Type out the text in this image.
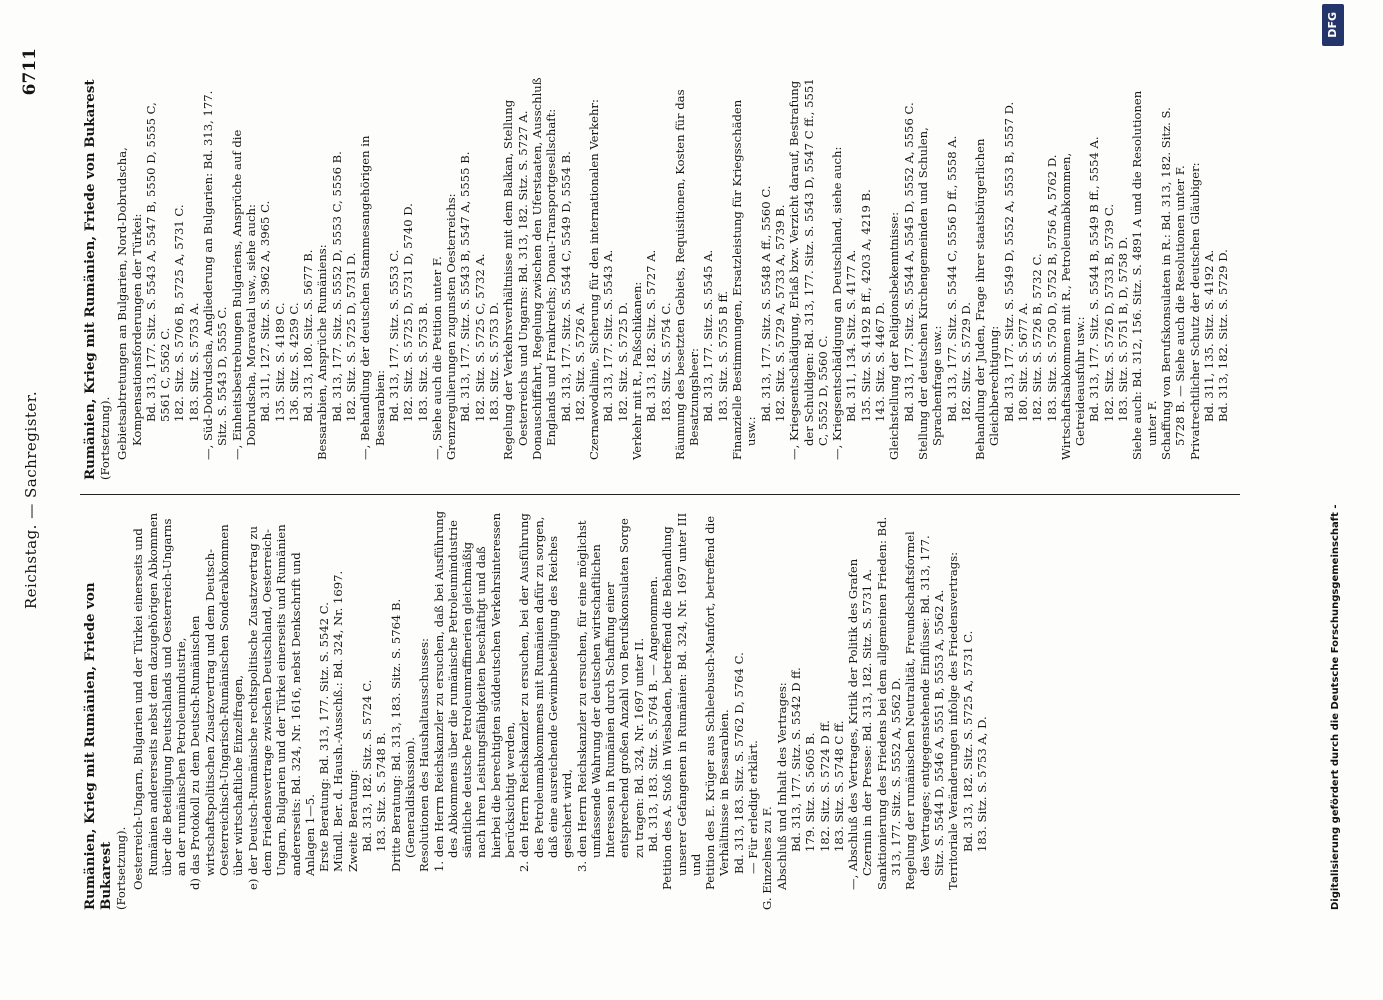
Reichstag. — Sachregister.
6711
Rumänien, Krieg mit Rumänien, Friede von Bukarest (Fortsetzung). Oesterreich-Ungarn, Bulgarien und der Türkei einerseits und Rumänien andererseits nebst dem dazugehörigen Abkommen über die Beteiligung Deutschlands und Oesterreich-Ungarns an der rumänischen Petroleumindustrie, d) das Protokoll zu dem Deutsch-Rumänischen wirtschaftspolitischen Zusatzvertrag und dem Deutsch-Oesterreichisch-Ungarisch-Rumänischen Sonderabkommen über wirtschaftliche Einzelfragen, e) der Deutsch-Rumänische rechtspolitische Zusatzvertrag zu dem Friedensvertrage zwischen Deutschland, Oesterreich-Ungarn, Bulgarien und der Türkei einerseits und Rumänien andererseits: Bd. 324, Nr. 1616, nebst Denkschrift und Anlagen 1—5. Erste Beratung: Bd. 313, 177. Sitz. S. 5542 C. Mündl. Ber. d. Haush.-Ausschß.: Bd. 324, Nr. 1697. Zweite Beratung: Bd. 313, 182. Sitz. S. 5724 C. 183. Sitz. S. 5748 B. Dritte Beratung: Bd. 313, 183. Sitz. S. 5764 B. (Generaldiskussion). Resolutionen des Haushaltausschusses: 1. den Herrn Reichskanzler zu ersuchen, daß bei Ausführung des Abkommens über die rumänische Petroleumindustrie sämtliche deutsche Petroleumraffinerien gleichmäßig nach ihren Leistungsfähigkeiten beschäftigt und daß hierbei die berechtigten süddeutschen Verkehrsinteressen berücksichtigt werden, 2. den Herrn Reichskanzler zu ersuchen, bei der Ausführung des Petroleumabkommens mit Rumänien dafür zu sorgen, daß eine ausreichende Gewinnbeteiligung des Reiches gesichert wird, 3. den Herrn Reichskanzler zu ersuchen, für eine möglichst umfassende Wahrung der deutschen wirtschaftlichen Interessen in Rumänien durch Schaffung einer entsprechend großen Anzahl von Berufskonsulaten Sorge zu tragen: Bd. 324, Nr. 1697 unter II. Bd. 313, 183. Sitz. S. 5764 B. — Angenommen. Petition des A. Stoß in Wiesbaden, betreffend die Behandlung unserer Gefangenen in Rumänien: Bd. 324, Nr. 1697 unter III und Petition des E. Krüger aus Schleebusch-Manfort, betreffend die Verhältnisse in Bessarabien. Bd. 313, 183. Sitz. S. 5762 D, 5764 C. — Für erledigt erklärt. G. Einzelnes zu F. Abschluß und Inhalt des Vertrages: Bd. 313, 177. Sitz. S. 5542 D ff. 179. Sitz. S. 5605 B. 182. Sitz. S. 5724 D ff. 183. Sitz. S. 5748 C ff. —, Abschluß des Vertrages, Kritik der Politik des Grafen Czernin in der Presse: Bd. 313, 182. Sitz. S. 5731 A. Sanktionierung des Friedens bei dem allgemeinen Frieden: Bd. 313, 177. Sitz. S. 5552 A, 5562 D. Regelung der rumänischen Neutralität, Freundschaftsformel des Vertrages; entgegenstehende Einflüsse: Bd. 313, 177. Sitz. S. 5544 D, 5546 A, 5551 B, 5553 A, 5562 A. Territoriale Veränderungen infolge des Friedensvertrags: Bd. 313, 182. Sitz. S. 5725 A, 5731 C. 183. Sitz. S. 5753 A, D.
Rumänien, Krieg mit Rumänien, Friede von Bukarest (Fortsetzung). Gebietsabtretungen an Bulgarien, Nord-Dobrudscha, Kompensationsforderungen der Türkei: Bd. 313, 177. Sitz. S. 5543 A, 5547 B, 5550 D, 5555 C, 5561 C, 5562 C. 182. Sitz. S. 5706 B, 5725 A, 5731 C. 183. Sitz. S. 5753 A. —, Süd-Dobrudscha, Angliederung an Bulgarien: Bd. 313, 177. Sitz. S. 5543 D, 5555 C. —, Einheitsbestrebungen Bulgariens, Ansprüche auf die Dobrudscha, Moravatal usw., siehe auch: Bd. 311, 127. Sitz. S. 3962 A, 3965 C. 135. Sitz. S. 4189 C. 136. Sitz. S. 4259 C. Bd. 313, 180. Sitz. S. 5677 B. Bessarabien, Ansprüche Rumäniens: Bd. 313, 177. Sitz. S. 5552 D, 5553 C, 5556 B. 182. Sitz. S. 5725 D, 5731 D. —, Behandlung der deutschen Stammesangehörigen in Bessarabien: Bd. 313, 177. Sitz. S. 5553 C. 182. Sitz. S. 5725 D, 5731 D, 5740 D. 183. Sitz. S. 5753 B. —, Siehe auch die Petition unter F. Grenzregulierungen zugunsten Oesterreichs: Bd. 313, 177. Sitz. S. 5543 B, 5547 A, 5555 B. 182. Sitz. S. 5725 C, 5732 A. 183. Sitz. S. 5753 D. Regelung der Verkehrsverhältnisse mit dem Balkan, Stellung Oesterreichs und Ungarns: Bd. 313, 182. Sitz. S. 5727 A. Donauschiffahrt, Regelung zwischen den Uferstaaten, Ausschluß Englands und Frankreichs; Donau-Transportgesellschaft: Bd. 313, 177. Sitz. S. 5544 C, 5549 D, 5554 B. 182. Sitz. S. 5726 A. Czernawodalinie, Sicherung für den internationalen Verkehr: Bd. 313, 177. Sitz. S. 5543 A. 182. Sitz. S. 5725 D. Verkehr mit R., Paßschikanen: Bd. 313, 182. Sitz. S. 5727 A. 183. Sitz. S. 5754 C. Räumung des besetzten Gebiets, Requisitionen, Kosten für das Besatzungsheer: Bd. 313, 177. Sitz. S. 5545 A. 183. Sitz. S. 5755 B ff. Finanzielle Bestimmungen, Ersatzleistung für Kriegsschäden usw.:
Bd. 313, 177. Sitz. S. 5548 A ff., 5560 C. 182. Sitz. S. 5729 A, 5733 A, 5739 B. —, Kriegsentschädigung, Erlaß bzw. Verzicht darauf, Bestrafung der Schuldigen: Bd. 313, 177. Sitz. S. 5543 D, 5547 C ff., 5551 C, 5552 D, 5560 C. —, Kriegsentschädigung an Deutschland, siehe auch: Bd. 311, 134. Sitz. S. 4177 A. 135. Sitz. S. 4192 B ff., 4203 A, 4219 B. 143. Sitz. S. 4467 D. Gleichstellung der Religionsbekenntnisse: Bd. 313, 177. Sitz. S. 5544 A, 5545 D, 5552 A, 5556 C. Stellung der deutschen Kirchengemeinden und Schulen, Sprachenfrage usw.: Bd. 313, 177. Sitz. S. 5544 C, 5556 D ff., 5558 A. 182. Sitz. S. 5729 D. Behandlung der Juden, Frage ihrer staatsbürgerlichen Gleichberechtigung: Bd. 313, 177. Sitz. S. 5549 D, 5552 A, 5553 B, 5557 D. 180. Sitz. S. 5677 A. 182. Sitz. S. 5726 B, 5732 C. 183. Sitz. S. 5750 D, 5752 B, 5756 A, 5762 D. Wirtschaftsabkommen mit R., Petroleumabkommen, Getreideausfuhr usw.: Bd. 313, 177. Sitz. S. 5544 B, 5549 B ff., 5554 A. 182. Sitz. S. 5726 D, 5733 B, 5739 C. 183. Sitz. S. 5751 B, D, 5758 D. Siehe auch: Bd. 312, 156. Sitz. S. 4891 A und die Resolutionen unter F. Schaffung von Berufskonsulaten in R.: Bd. 313, 182. Sitz. S. 5728 B. — Siehe auch die Resolutionen unter F. Privatrechtlicher Schutz der deutschen Gläubiger: Bd. 311, 135. Sitz. S. 4192 A. Bd. 313, 182. Sitz. S. 5729 D.
Digitalisierung gefördert durch die Deutsche Forschungsgemeinschaft -
DFG
